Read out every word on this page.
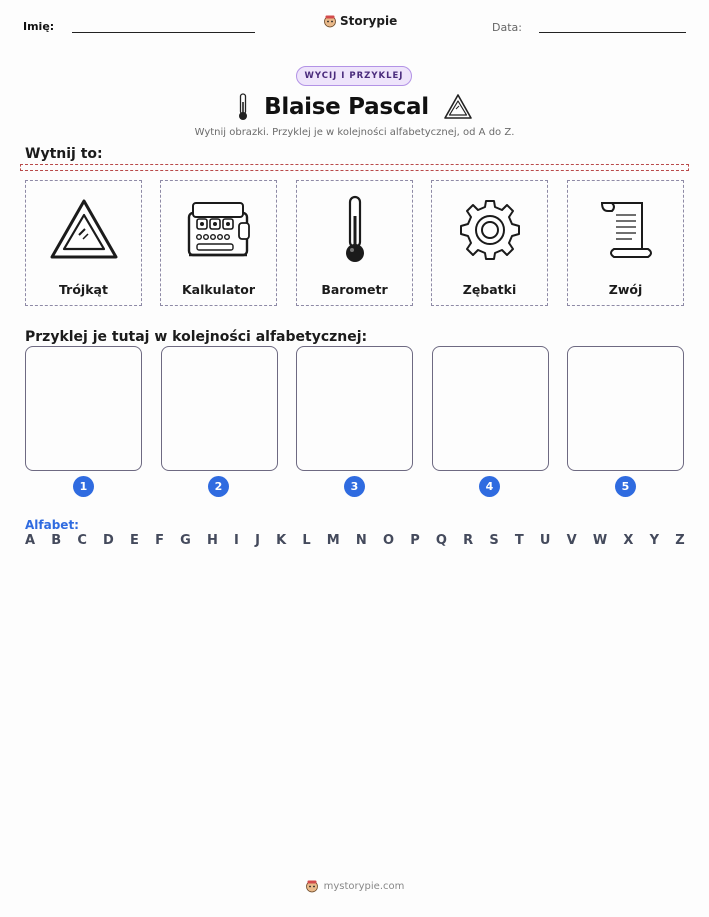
Imię:	Storypie	Data:
WYCIJ I PRZYKLEJ
Blaise Pascal
Wytnij obrazki. Przyklej je w kolejności alfabetycznej, od A do Z.
Wytnij to:
Trójkąt	Kalkulator	Barometr	Zębatki	Zwój
Przyklej je tutaj w kolejności alfabetycznej:
1	2	3	4	5
Alfabet:
A B C D E F G H I J K L M N O P Q R S T U V W X Y Z
mystorypie.com
